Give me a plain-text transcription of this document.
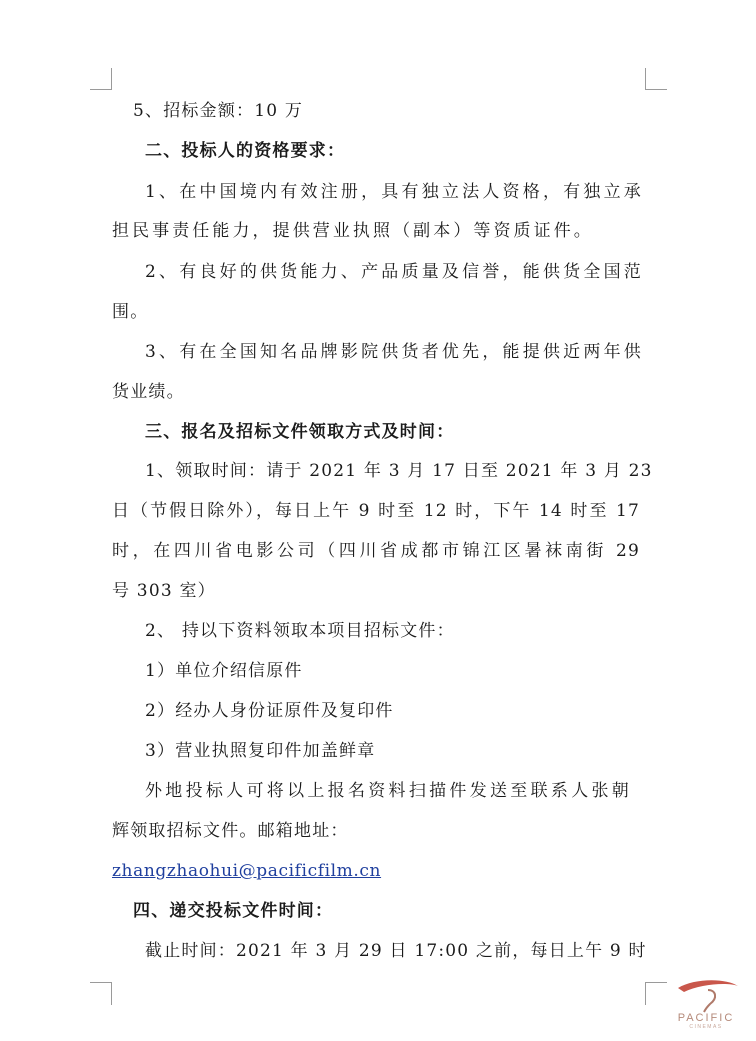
5、招标金额：10 万
二、投标人的资格要求：
1、在中国境内有效注册，具有独立法人资格，有独立承
担民事责任能力，提供营业执照（副本）等资质证件。
2、有良好的供货能力、产品质量及信誉，能供货全国范
围。
3、有在全国知名品牌影院供货者优先，能提供近两年供
货业绩。
三、报名及招标文件领取方式及时间：
1、领取时间：请于 2021 年 3 月 17 日至 2021 年 3 月 23
日（节假日除外），每日上午 9 时至 12 时，下午 14 时至 17
时，在四川省电影公司（四川省成都市锦江区暑袜南街 29
号 303 室）
2、 持以下资料领取本项目招标文件：
1）单位介绍信原件
2）经办人身份证原件及复印件
3）营业执照复印件加盖鲜章
外地投标人可将以上报名资料扫描件发送至联系人张朝
辉领取招标文件。邮箱地址：
zhangzhaohui@pacificfilm.cn
四、递交投标文件时间：
截止时间：2021 年 3 月 29 日 17:00 之前，每日上午 9 时
PACIFIC
CINEMAS
